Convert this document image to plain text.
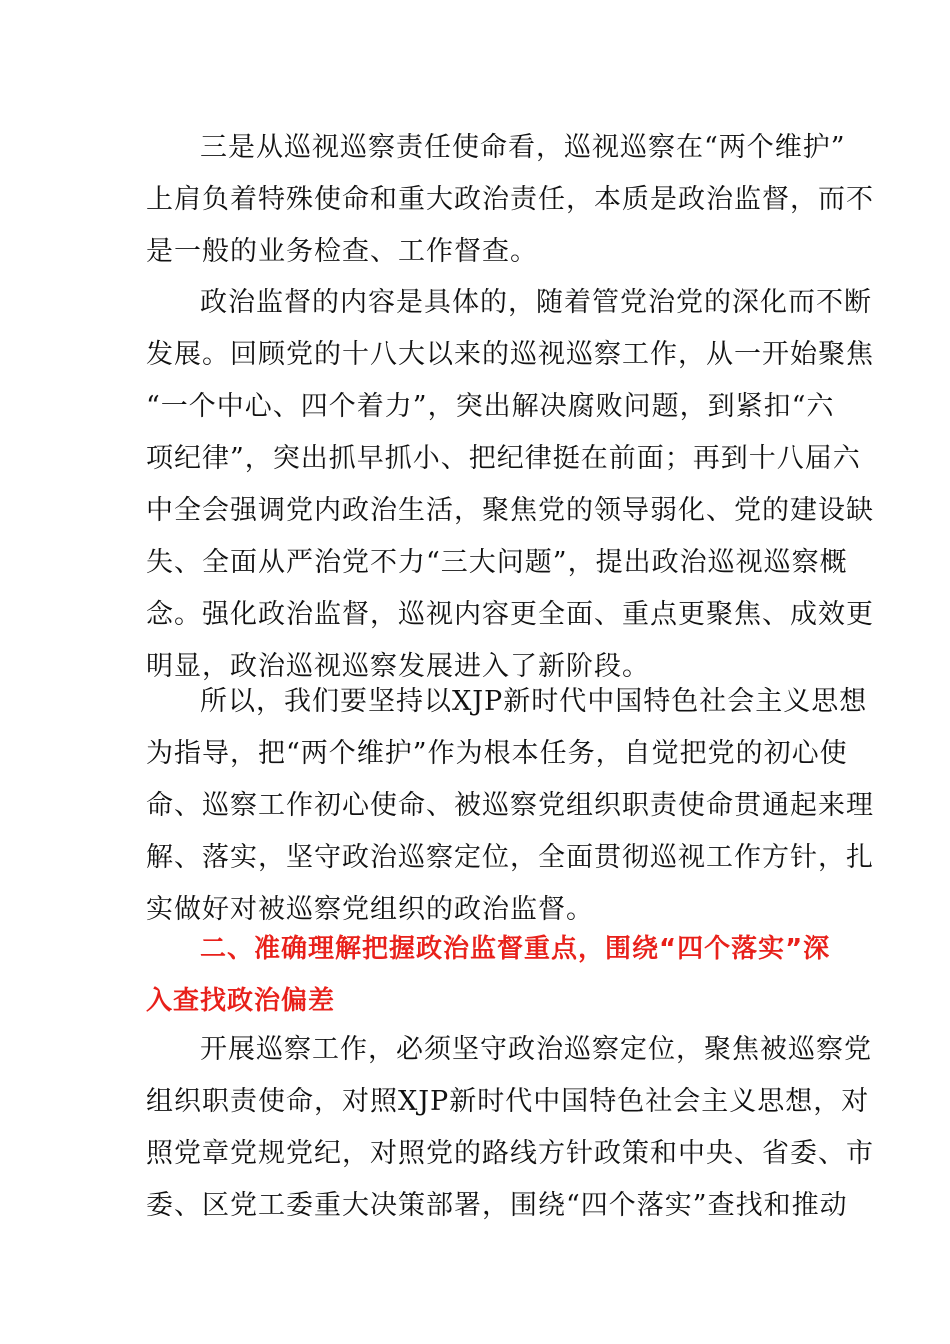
三是从巡视巡察责任使命看，巡视巡察在“两个维护”
上肩负着特殊使命和重大政治责任，本质是政治监督，而不
是一般的业务检查、工作督查。
政治监督的内容是具体的，随着管党治党的深化而不断
发展。回顾党的十八大以来的巡视巡察工作，从一开始聚焦
“一个中心、四个着力”，突出解决腐败问题，到紧扣“六
项纪律”，突出抓早抓小、把纪律挺在前面；再到十八届六
中全会强调党内政治生活，聚焦党的领导弱化、党的建设缺
失、全面从严治党不力“三大问题”，提出政治巡视巡察概
念。强化政治监督，巡视内容更全面、重点更聚焦、成效更
明显，政治巡视巡察发展进入了新阶段。
所以，我们要坚持以XJP新时代中国特色社会主义思想
为指导，把“两个维护”作为根本任务，自觉把党的初心使
命、巡察工作初心使命、被巡察党组织职责使命贯通起来理
解、落实，坚守政治巡察定位，全面贯彻巡视工作方针，扎
实做好对被巡察党组织的政治监督。
二、准确理解把握政治监督重点，围绕“四个落实”深
入查找政治偏差
开展巡察工作，必须坚守政治巡察定位，聚焦被巡察党
组织职责使命，对照XJP新时代中国特色社会主义思想，对
照党章党规党纪，对照党的路线方针政策和中央、省委、市
委、区党工委重大决策部署，围绕“四个落实”查找和推动
